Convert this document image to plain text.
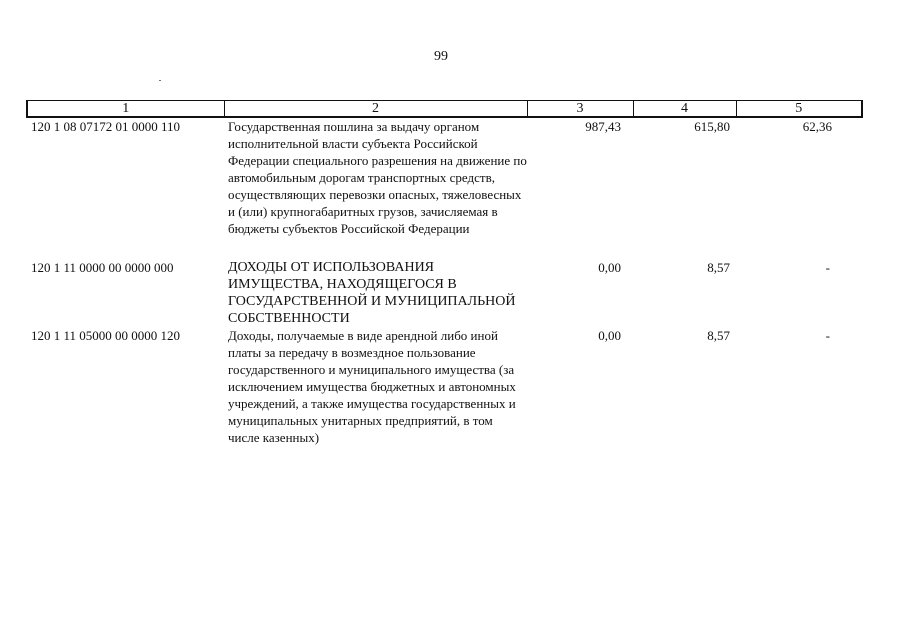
99
1	2	3	4	5
120 1 08 07172 01 0000 110	Государственная пошлина за выдачу органом исполнительной власти субъекта Российской Федерации специального разрешения на движение по автомобильным дорогам транспортных средств, осуществляющих перевозки опасных, тяжеловесных и (или) крупногабаритных грузов, зачисляемая в бюджеты субъектов Российской Федерации	987,43	615,80	62,36

120 1 11 0000 00 0000 000	ДОХОДЫ ОТ ИСПОЛЬЗОВАНИЯ ИМУЩЕСТВА, НАХОДЯЩЕГОСЯ В ГОСУДАРСТВЕННОЙ И МУНИЦИПАЛЬНОЙ СОБСТВЕННОСТИ	0,00	8,57	-
120 1 11 05000 00 0000 120	Доходы, получаемые в виде арендной либо иной платы за передачу в возмездное пользование государственного и муниципального имущества (за исключением имущества бюджетных и автономных учреждений, а также имущества государственных и муниципальных унитарных предприятий, в том числе казенных)	0,00	8,57	-
